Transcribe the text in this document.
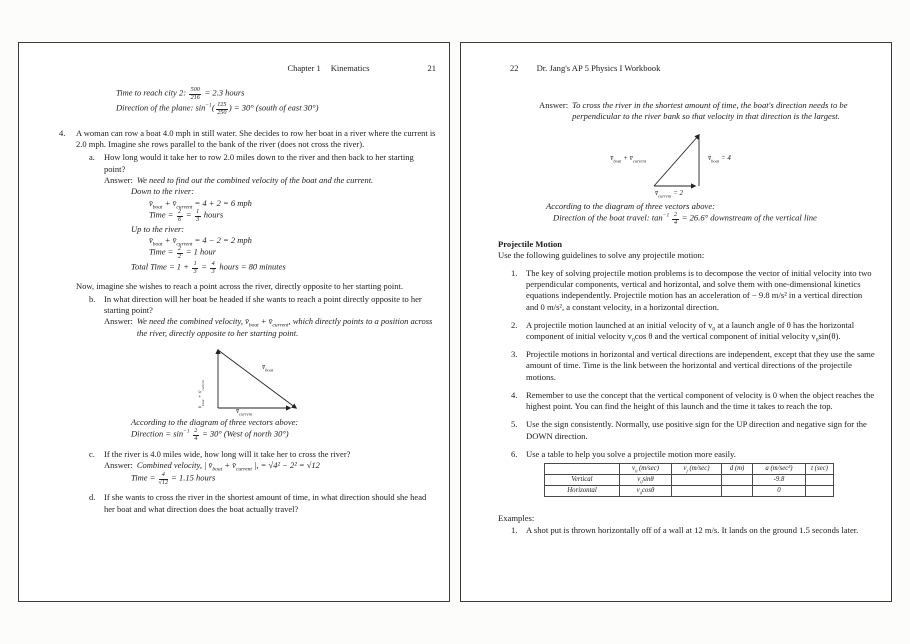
Chapter 1 Kinematics	21
Time to reach city 2: $\frac{500}{216} = 2.3$ hours
Direction of the plane: $\sin^{-1}( \frac{125}{250}$ ) = 30° (south of east 30°)
4.	A woman can row a boat 4.0 mph in still water. She decides to row her boat in a river where the current is 2.0 mph. Imagine she rows parallel to the bank of the river (does not cross the river).
a.	How long would it take her to row 2.0 miles down to the river and then back to her starting point?
Answer: We need to find out the combined velocity of the boat and the current.
Down to the river:
$v̄_{boat}$ + $v̄_{current} = 4 + 2 = 6$ mph
Time = $\frac{2}{6} = \frac{1}{3}$ hours
Up to the river:
$v̄_{boat}$ + $v̄_{current} = 4 - 2 = 2$ mph
Time = $\frac{2}{2} = 1$ hour
Total Time = $1 + \frac{1}{3} = \frac{4}{3}$ hours = 80 minutes
Now, imagine she wishes to reach a point across the river, directly opposite to her starting point.
b.	In what direction will her boat be headed if she wants to reach a point directly opposite to her starting point?
Answer: We need the combined velocity, $v̄_{boat}$ + $v̄_{current}$, which directly points to a position across the river, directly opposite to her starting point.
$v̄_{boat}$ + $v̄_{current}$
$v̄_{boat}$
$v̄_{current}$
According to the diagram of three vectors above:
Direction = $\sin^{-1} \frac{2}{4} = 30^\circ$ (West of north 30°)
c.	If the river is 4.0 miles wide, how long will it take her to cross the river?
Answer: Combined velocity, | $v̄_{boat}$ + $v̄_{current}$ |, = √4² − 2² = √12
Time = $\frac{4}{√12} = 1.15$ hours
d.	If she wants to cross the river in the shortest amount of time, in what direction should she head her boat and what direction does the boat actually travel?
22 Dr. Jang's AP 5 Physics I Workbook
Answer: To cross the river in the shortest amount of time, the boat's direction needs to be perpendicular to the river bank so that velocity in that direction is the largest.
$v̄_{boat}$ + $v̄_{current}$	$v̄_{boat} = 4$
$v̄_{current} = 2$
According to the diagram of three vectors above:
Direction of the boat travel: $\tan^{-1} \frac{2}{4} = 26.6^\circ$ downstream of the vertical line
Projectile Motion
Use the following guidelines to solve any projectile motion:
1. The key of solving projectile motion problems is to decompose the vector of initial velocity into two perpendicular components, vertical and horizontal, and solve them with one-dimensional kinetics equations independently. Projectile motion has an acceleration of − 9.8 m/s² in a vertical direction and 0 m/s², a constant velocity, in a horizontal direction.
2. A projectile motion launched at an initial velocity of $v_0$ at a launch angle of θ has the horizontal component of initial velocity $v_0\cos$ θ and the vertical component of initial velocity $v_0\sin(\theta)$.
3. Projectile motions in horizontal and vertical directions are independent, except that they use the same amount of time. Time is the link between the horizontal and vertical directions of the projectile motions.
4. Remember to use the concept that the vertical component of velocity is 0 when the object reaches the highest point. You can find the height of this launch and the time it takes to reach the top.
5. Use the sign consistently. Normally, use positive sign for the UP direction and negative sign for the DOWN direction.
6. Use a table to help you solve a projectile motion more easily.
	$v_0$ (m/sec)	$v_f$ (m/sec)	d (m)	a (m/sec²)	t (sec)
Vertical	$v_0\sin\theta$			-9.8	
Horizontal	$v_0\cos\theta$			0	
Examples:
1. A shot put is thrown horizontally off of a wall at 12 m/s. It lands on the ground 1.5 seconds later.
